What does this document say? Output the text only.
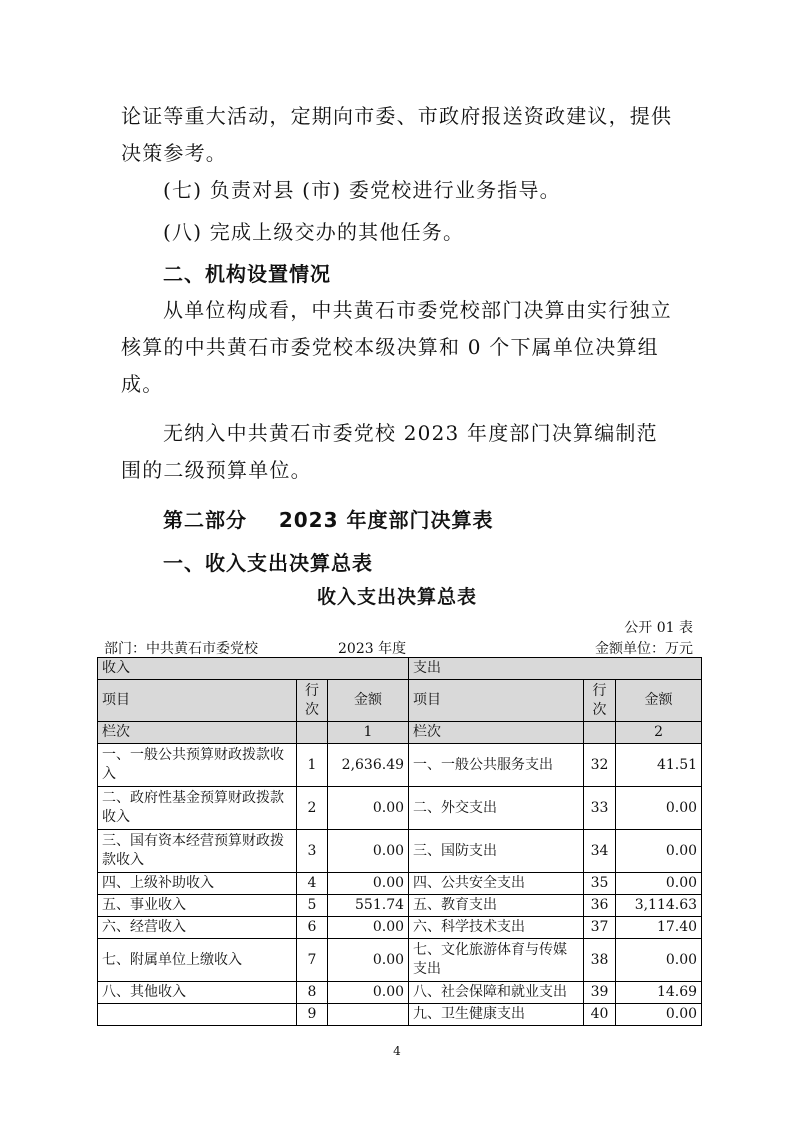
论证等重大活动，定期向市委、市政府报送资政建议，提供决策参考。

(七) 负责对县 (市) 委党校进行业务指导。

(八) 完成上级交办的其他任务。

二、机构设置情况

从单位构成看，中共黄石市委党校部门决算由实行独立核算的中共黄石市委党校本级决算和 0 个下属单位决算组成。

无纳入中共黄石市委党校 2023 年度部门决算编制范围的二级预算单位。

第二部分    2023 年度部门决算表
一、收入支出决算总表
收入支出决算总表
公开 01 表
部门：中共黄石市委党校	2023 年度	金额单位：万元
收入			支出		
项目	行次	金额	项目	行次	金额
栏次		1	栏次		2
一、一般公共预算财政拨款收入	1	2,636.49	一、一般公共服务支出	32	41.51
二、政府性基金预算财政拨款收入	2	0.00	二、外交支出	33	0.00
三、国有资本经营预算财政拨款收入	3	0.00	三、国防支出	34	0.00
四、上级补助收入	4	0.00	四、公共安全支出	35	0.00
五、事业收入	5	551.74	五、教育支出	36	3,114.63
六、经营收入	6	0.00	六、科学技术支出	37	17.40
七、附属单位上缴收入	7	0.00	七、文化旅游体育与传媒支出	38	0.00
八、其他收入	8	0.00	八、社会保障和就业支出	39	14.69
	9		九、卫生健康支出	40	0.00
4
